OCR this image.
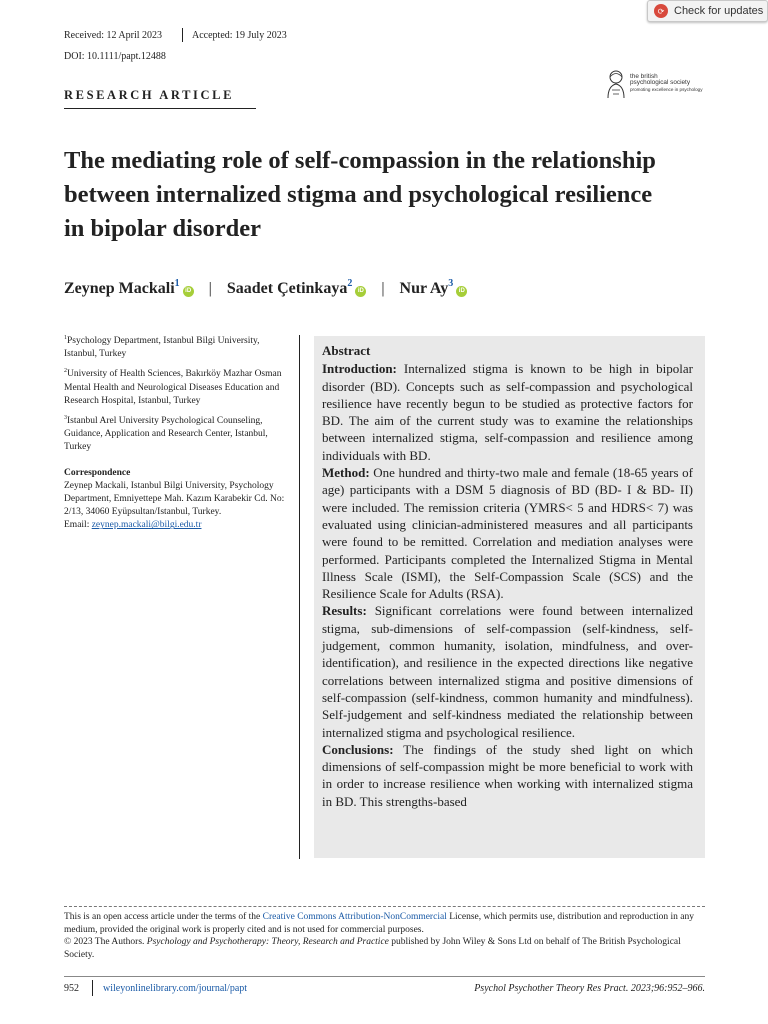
⟳ Check for updates
Received: 12 April 2023	Accepted: 19 July 2023
DOI: 10.1111/papt.12488
RESEARCH ARTICLE
the british
psychological society
promoting excellence in psychology
The mediating role of self-compassion in the relationship between internalized stigma and psychological resilience in bipolar disorder
Zeynep Mackali$^1$iD | Saadet Çetinkaya$^2$iD | Nur Ay$^3$iD
$^1$Psychology Department, Istanbul Bilgi University, Istanbul, Turkey
$^2$University of Health Sciences, Bakırköy Mazhar Osman Mental Health and Neurological Diseases Education and Research Hospital, Istanbul, Turkey
$^3$Istanbul Arel University Psychological Counseling, Guidance, Application and Research Center, Istanbul, Turkey
Correspondence
Zeynep Mackali, Istanbul Bilgi University, Psychology Department, Emniyettepe Mah. Kazım Karabekir Cd. No: 2/13, 34060 Eyüpsultan/Istanbul, Turkey.
Email: zeynep.mackali@bilgi.edu.tr
Abstract

Introduction: Internalized stigma is known to be high in bipolar disorder (BD). Concepts such as self-compassion and psychological resilience have recently begun to be studied as protective factors for BD. The aim of the current study was to examine the relationships between internalized stigma, self-compassion and resilience among individuals with BD.

Method: One hundred and thirty-two male and female (18-65 years of age) participants with a DSM 5 diagnosis of BD (BD- I & BD- II) were included. The remission criteria (YMRS< 5 and HDRS< 7) was evaluated using clinician-administered measures and all participants were found to be remitted. Correlation and mediation analyses were performed. Participants completed the Internalized Stigma in Mental Illness Scale (ISMI), the Self-Compassion Scale (SCS) and the Resilience Scale for Adults (RSA).

Results: Significant correlations were found between internalized stigma, sub-dimensions of self-compassion (self-kindness, self-judgement, common humanity, isolation, mindfulness, and over-identification), and resilience in the expected directions like negative correlations between internalized stigma and positive dimensions of self-compassion (self-kindness, common humanity and mindfulness). Self-judgement and self-kindness mediated the relationship between internalized stigma and psychological resilience.

Conclusions: The findings of the study shed light on which dimensions of self-compassion might be more beneficial to work with in order to increase resilience when working with internalized stigma in BD. This strengths-based

This is an open access article under the terms of the Creative Commons Attribution-NonCommercial License, which permits use, distribution and reproduction in any medium, provided the original work is properly cited and is not used for commercial purposes.

© 2023 The Authors. Psychology and Psychotherapy: Theory, Research and Practice published by John Wiley & Sons Ltd on behalf of The British Psychological Society.

952 wileyonlinelibrary.com/journal/papt	Psychol Psychother Theory Res Pract. 2023;96:952–966.
